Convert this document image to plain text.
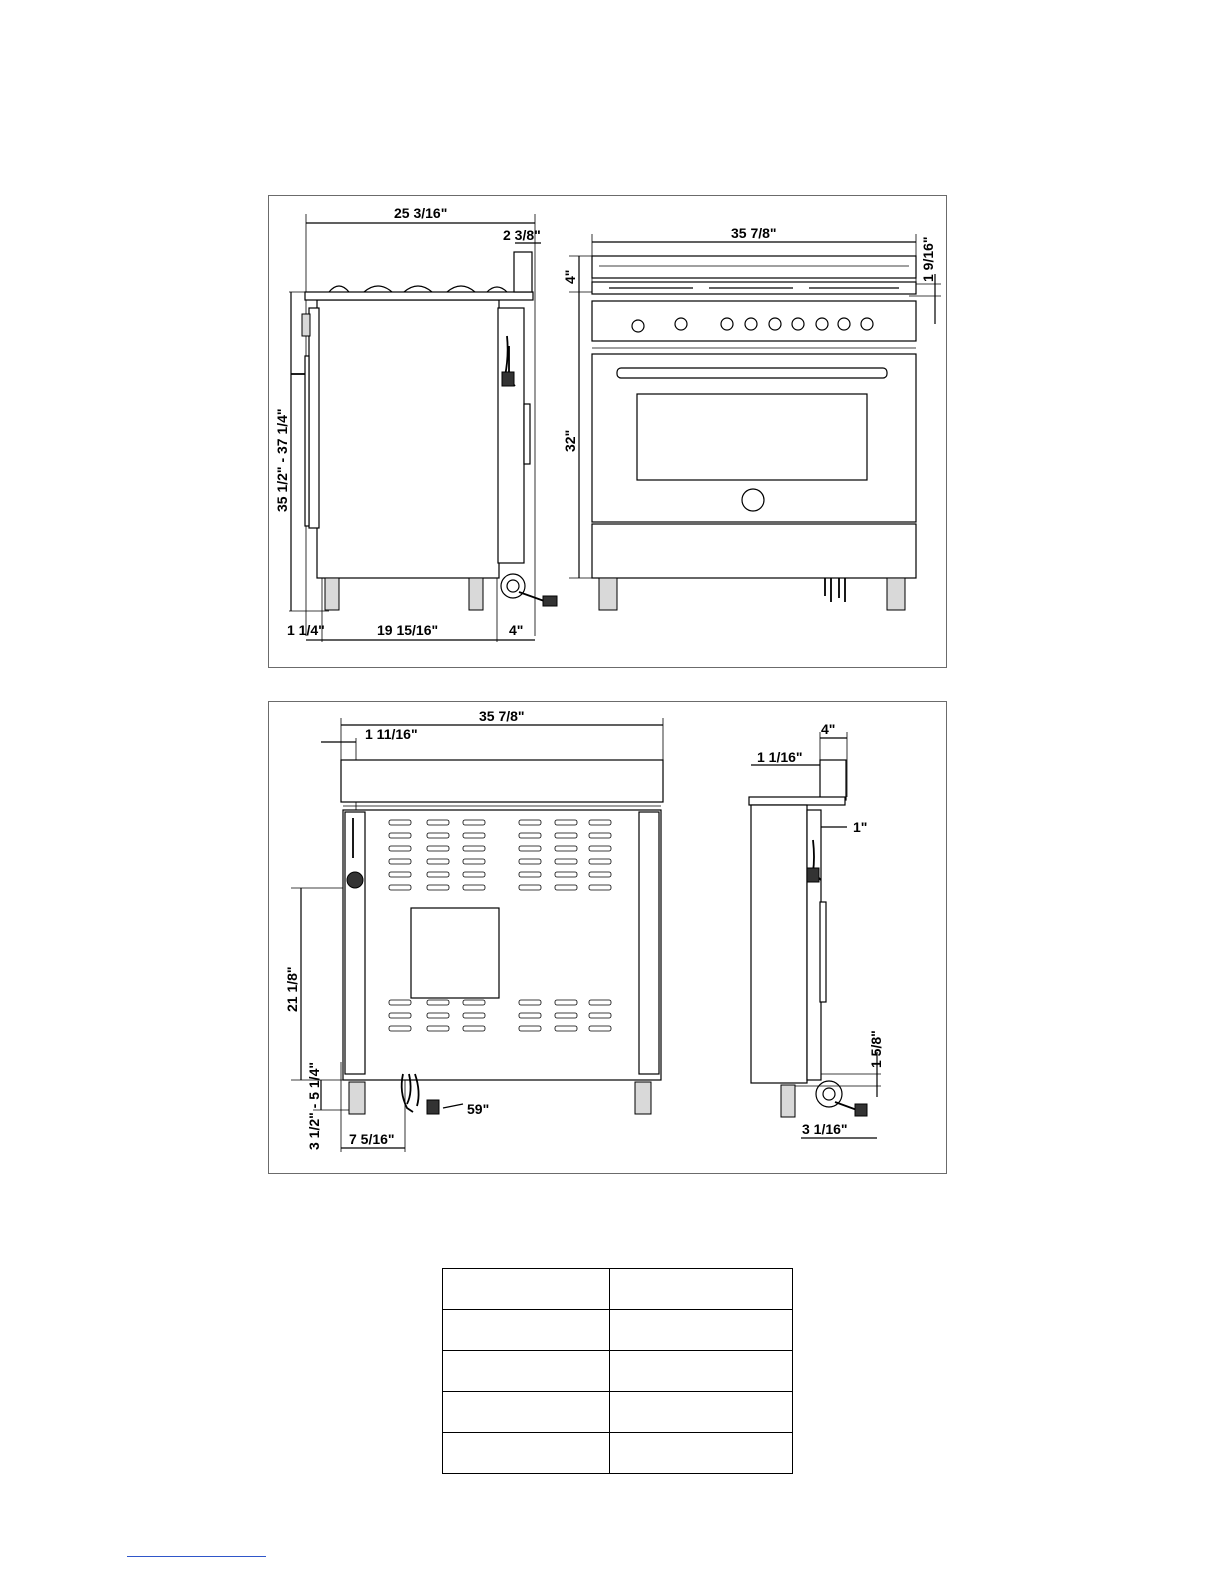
25 3/16"
2 3/8"
35 1/2" - 37 1/4"
1 1/4"	19 15/16"	4"
35 7/8"
4"	1 9/16"
32"
35 7/8"
1 11/16"
21 1/8"
3 1/2" - 5 1/4" 7 5/16"
59"
4"
1 1/16"
1"
1 5/8"
3 1/16"
